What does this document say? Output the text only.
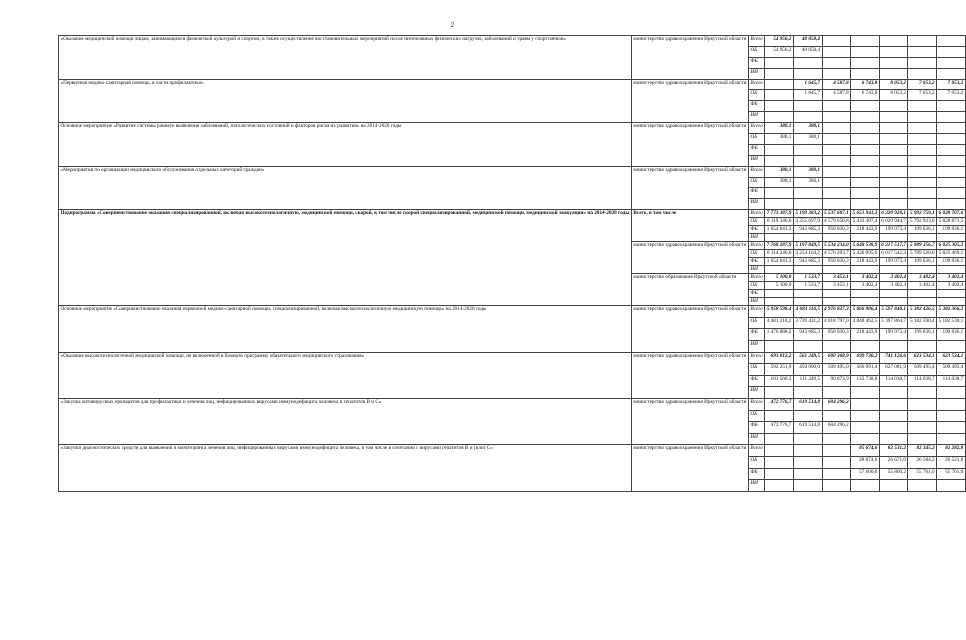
2
«Оказание медицинской помощи лицам, занимающимся физической культурой и спортом, в также осуществление восстановительных мероприятий после интенсивных физических нагрузок, заболеваний и травм у спортсменов»	министерство здравоохранения Иркутской области	Всего	54 956,2	40 058,4					
		ОБ	54 956,2	40 058,4					
		ФБ							
		ИИ							
«Первичная медико-санитарная помощь, в части профилактики»	министерство здравоохранения Иркутской области	Всего		1 645,7	4 587,8	6 743,8	8 053,2	7 053,2	7 053,2
		ОБ		1 645,7	4 587,8	6 743,8	8 053,2	7 053,2	7 053,2
		ФБ							
		ИИ							
Основное мероприятие «Развитие системы раннего выявления заболеваний, патологических состояний и факторов риска их развития» на 2014-2020 годы	министерство здравоохранения Иркутской области	Всего	380,1	380,1					
		ОБ	380,1	380,1					
		ФБ							
		ИИ							
«Мероприятия по организации медицинского обслуживания отдельных категорий граждан»	министерство здравоохранения Иркутской области	Всего	380,1	380,1					
		ОБ	380,1	380,1					
		ФБ							
		ИИ							
Подпрограмма «Совершенствование оказания специализированной, включая высокотехнологичную, медицинской помощи, скорой, в том числе скорой специализированной, медицинской помощи, медицинской эвакуации» на 2014-2020 годы	Всего, в том числе	Всего	7 773 387,9	5 199 383,2	5 537 687,1	5 651 941,3	6 220 920,1	5 992 759,1	6 028 707,6
		ОБ	6 119 346,6	4 255 697,9	4 579 656,8	5 433 497,4	6 020 944,7	5 792 923,0	5 828 871,5
		ФБ	1 654 041,3	943 685,3	958 030,3	218 443,9	199 975,4	199 836,1	199 836,1
		ИИ							
	министерство здравоохранения Иркутской области	Всего	7 768 287,9	5 197 849,5	5 534 234,0	5 648 538,9	6 217 517,7	5 989 356,7	6 025 305,2
		ОБ	6 114 246,6	4 254 164,2	4 576 203,7	5 430 095,0	6 017 542,3	5 789 520,6	5 825 469,1
		ФБ	1 654 041,3	943 685,3	958 030,3	218 443,9	199 975,4	199 836,1	199 836,1
		ИИ							
	министерство образования Иркутской области	Всего	5 100,0	1 533,7	3 453,1	3 402,4	3 402,4	3 402,4	3 402,4
		ОБ	5 100,0	1 533,7	3 453,1	3 402,4	3 402,4	3 402,4	3 402,4
		ФБ							
		ИИ							
Основное мероприятие «Совершенствование оказания первичной медико-санитарной помощи, специализированной, включая высокотехнологичную медицинскую помощь» на 2014-2020 годы	министерство здравоохранения Иркутской области	Всего	5 958 598,4	4 683 116,5	4 976 827,3	5 066 906,4	5 597 840,1	5 382 426,5	5 382 366,2
		ОБ	4 481 210,2	3 739 431,2	4 018 797,0	4 848 462,5	5 397 864,7	5 182 590,4	5 182 530,1
		ФБ	1 476 888,2	943 685,3	958 030,3	218 443,9	199 975,4	199 836,1	199 836,1
		ИИ							
«Оказание высокотехнологичной медицинской помощи, не включенной в базовую программу обязательного медицинского страхования»	министерство здравоохранения Иркутской области	Всего	693 812,2	561 249,5	600 368,9	699 730,2	741 126,6	623 534,1	623 534,1
		ОБ	592 251,9	450 000,0	509 495,0	566 991,4	627 081,9	509 495,4	509 495,4
		ФБ	101 560,3	111 249,5	90 873,9	132 738,8	114 038,7	114 038,7	114 038,7
		ИИ							
«Закупка антивирусных препаратов для профилактики и лечения лиц, инфицированных вирусами иммунодефицита человека и гепатитов В и С»	министерство здравоохранения Иркутской области	Всего	472 776,7	619 514,8	604 296,2				
		ОБ							
		ФБ	472 776,7	619 514,8	604 296,2				
		ИИ							
«Закупки диагностических средств для выявления и мониторинга лечения лиц, инфицированных вирусами иммунодефицита человека, в том числе в сочетании с вирусами гепатитов В и (или) С»	министерство здравоохранения Иркутской области	Всего				85 674,6	82 531,2	82 345,2	82 282,8
		ОБ				28 074,6	26 671,0	26 584,2	26 521,8
		ФБ				57 600,0	55 860,2	55 761,0	55 761,0
		ИИ							
